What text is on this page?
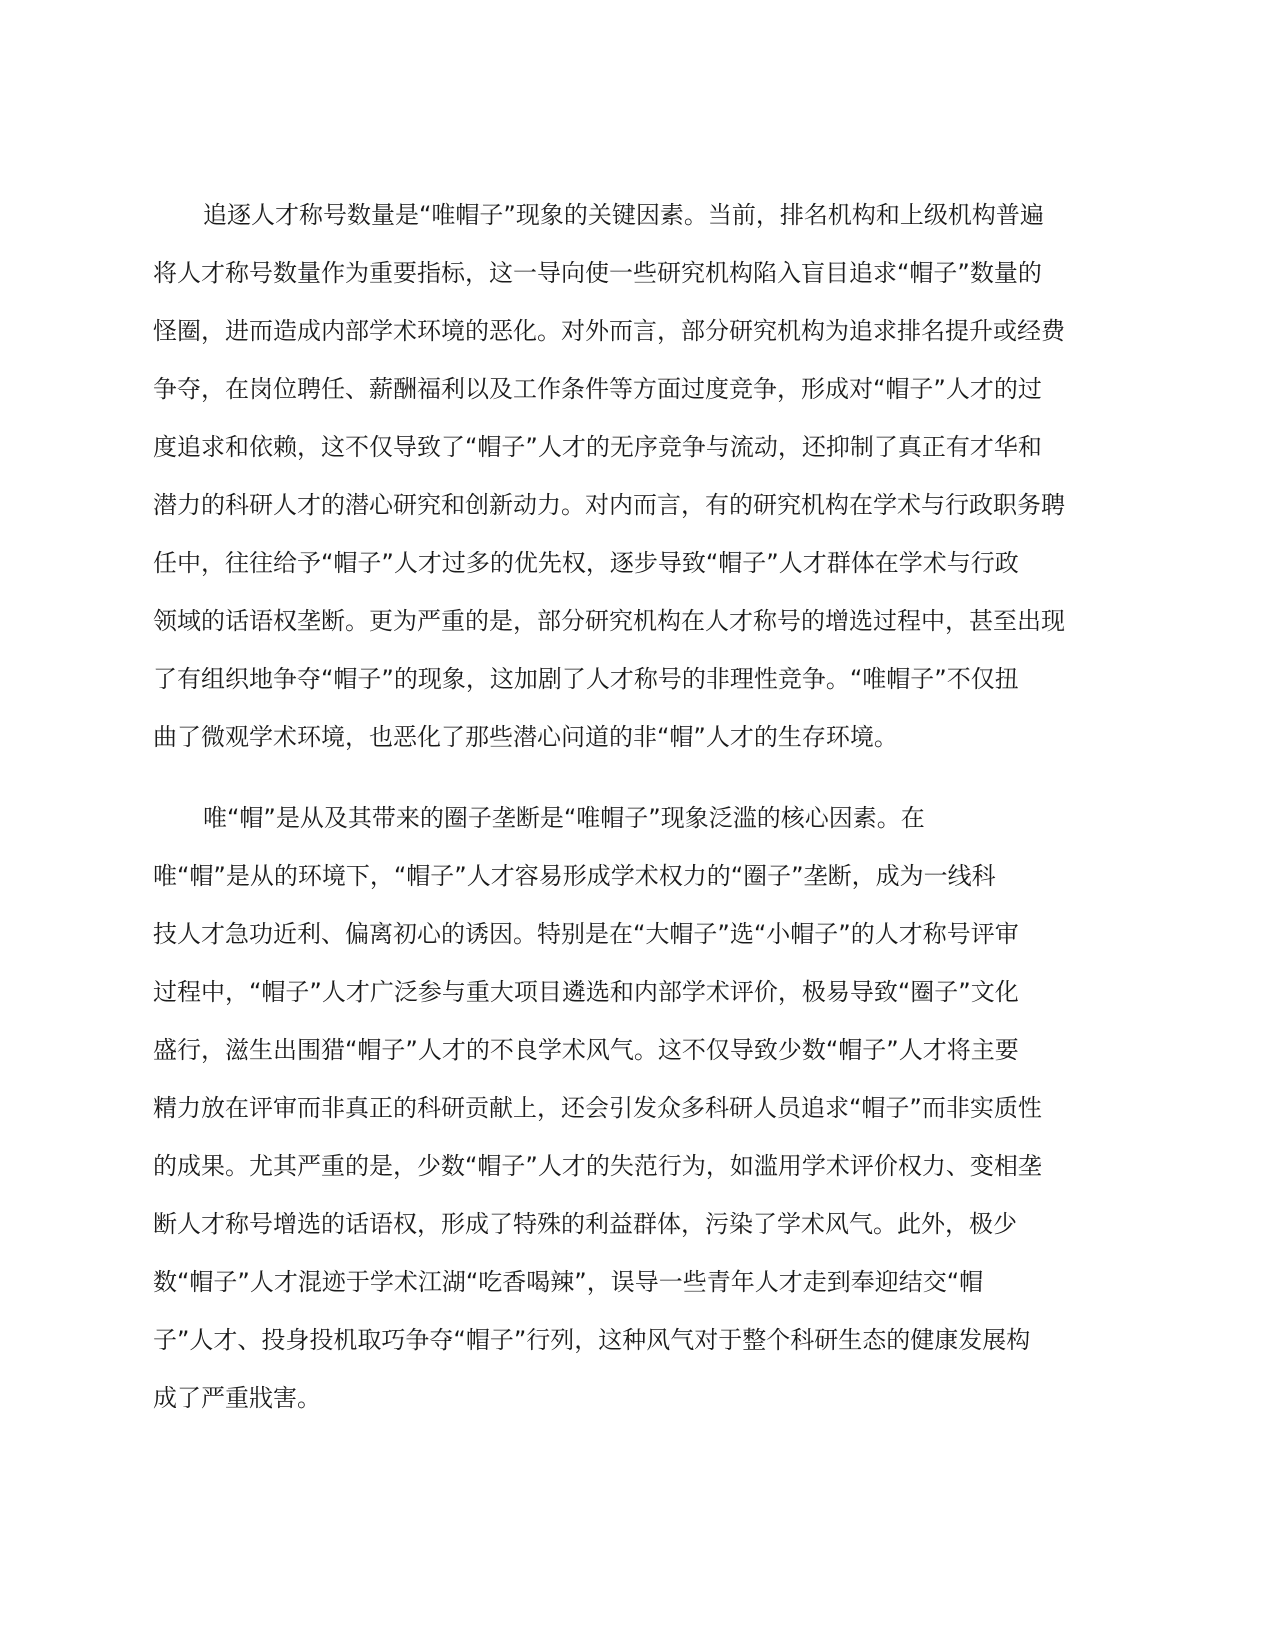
追逐人才称号数量是“唯帽子”现象的关键因素。当前，排名机构和上级机构普遍
将人才称号数量作为重要指标，这一导向使一些研究机构陷入盲目追求“帽子”数量的
怪圈，进而造成内部学术环境的恶化。对外而言，部分研究机构为追求排名提升或经费
争夺，在岗位聘任、薪酬福利以及工作条件等方面过度竞争，形成对“帽子”人才的过
度追求和依赖，这不仅导致了“帽子”人才的无序竞争与流动，还抑制了真正有才华和
潜力的科研人才的潜心研究和创新动力。对内而言，有的研究机构在学术与行政职务聘
任中，往往给予“帽子”人才过多的优先权，逐步导致“帽子”人才群体在学术与行政
领域的话语权垄断。更为严重的是，部分研究机构在人才称号的增选过程中，甚至出现
了有组织地争夺“帽子”的现象，这加剧了人才称号的非理性竞争。“唯帽子”不仅扭
曲了微观学术环境，也恶化了那些潜心问道的非“帽”人才的生存环境。
唯“帽”是从及其带来的圈子垄断是“唯帽子”现象泛滥的核心因素。在
唯“帽”是从的环境下，“帽子”人才容易形成学术权力的“圈子”垄断，成为一线科
技人才急功近利、偏离初心的诱因。特别是在“大帽子”选“小帽子”的人才称号评审
过程中，“帽子”人才广泛参与重大项目遴选和内部学术评价，极易导致“圈子”文化
盛行，滋生出围猎“帽子”人才的不良学术风气。这不仅导致少数“帽子”人才将主要
精力放在评审而非真正的科研贡献上，还会引发众多科研人员追求“帽子”而非实质性
的成果。尤其严重的是，少数“帽子”人才的失范行为，如滥用学术评价权力、变相垄
断人才称号增选的话语权，形成了特殊的利益群体，污染了学术风气。此外，极少
数“帽子”人才混迹于学术江湖“吃香喝辣”，误导一些青年人才走到奉迎结交“帽
子”人才、投身投机取巧争夺“帽子”行列，这种风气对于整个科研生态的健康发展构
成了严重戕害。
